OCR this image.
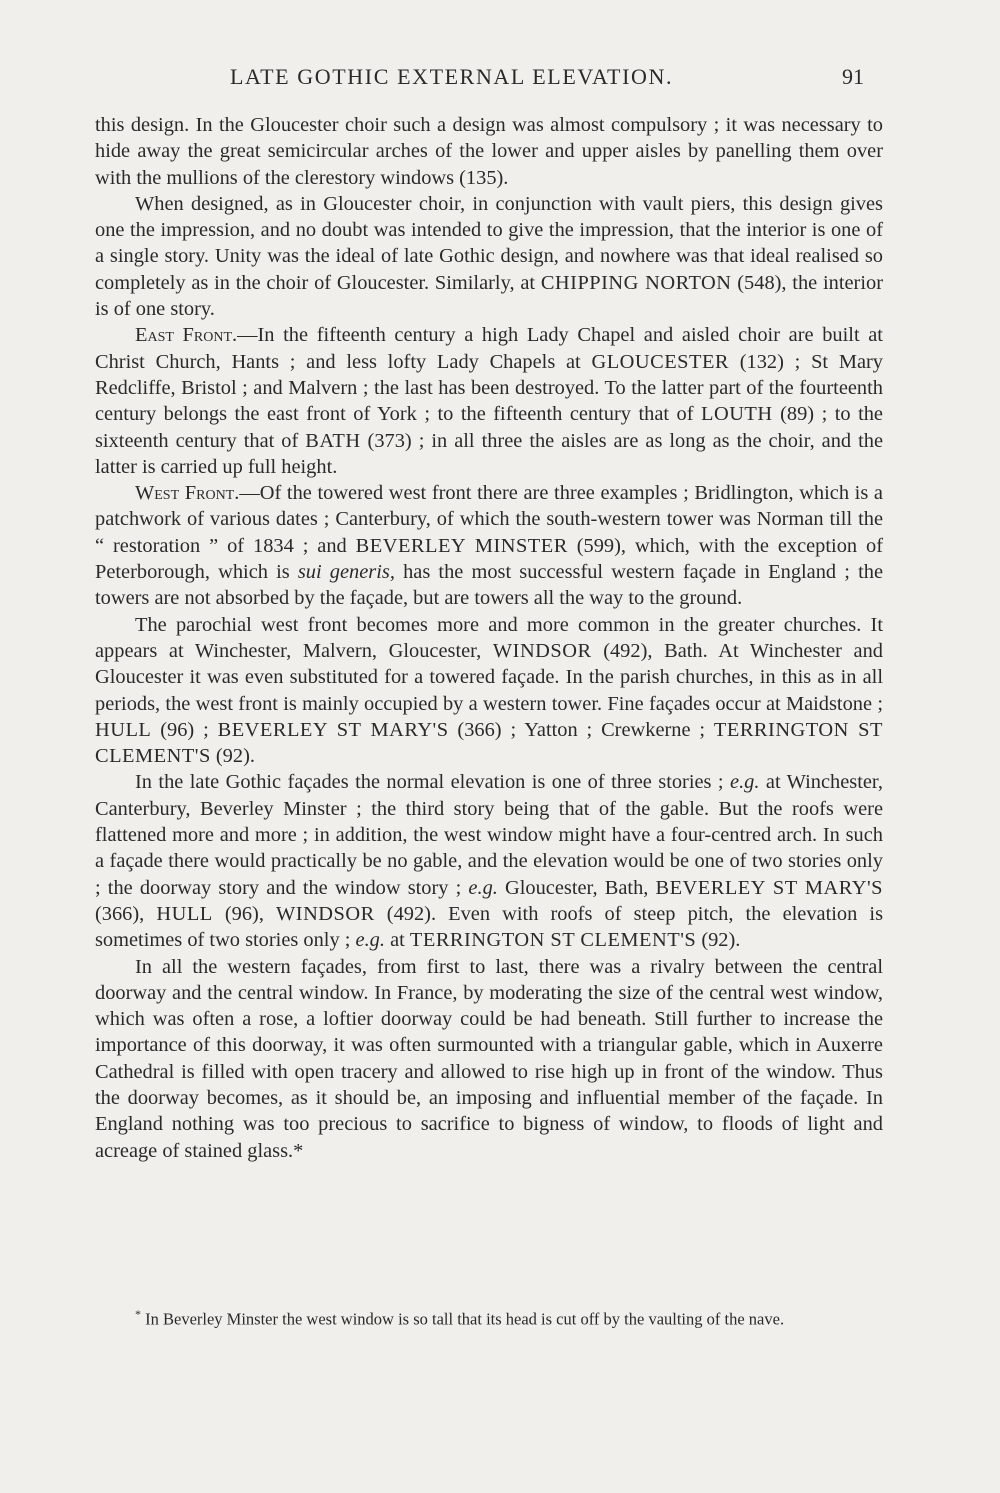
LATE GOTHIC EXTERNAL ELEVATION.	91

this design. In the Gloucester choir such a design was almost compulsory ; it was necessary to hide away the great semicircular arches of the lower and upper aisles by panelling them over with the mullions of the clerestory windows (135).

When designed, as in Gloucester choir, in conjunction with vault piers, this design gives one the impression, and no doubt was intended to give the impression, that the interior is one of a single story. Unity was the ideal of late Gothic design, and nowhere was that ideal realised so completely as in the choir of Gloucester. Similarly, at CHIPPING NORTON (548), the interior is of one story.

East Front.—In the fifteenth century a high Lady Chapel and aisled choir are built at Christ Church, Hants ; and less lofty Lady Chapels at GLOUCESTER (132) ; St Mary Redcliffe, Bristol ; and Malvern ; the last has been destroyed. To the latter part of the fourteenth century belongs the east front of York ; to the fifteenth century that of LOUTH (89) ; to the sixteenth century that of BATH (373) ; in all three the aisles are as long as the choir, and the latter is carried up full height.

West Front.—Of the towered west front there are three examples ; Bridlington, which is a patchwork of various dates ; Canterbury, of which the south-western tower was Norman till the “ restoration ” of 1834 ; and BEVERLEY MINSTER (599), which, with the exception of Peterborough, which is sui generis, has the most successful western façade in England ; the towers are not absorbed by the façade, but are towers all the way to the ground.

The parochial west front becomes more and more common in the greater churches. It appears at Winchester, Malvern, Gloucester, WINDSOR (492), Bath. At Winchester and Gloucester it was even substituted for a towered façade. In the parish churches, in this as in all periods, the west front is mainly occupied by a western tower. Fine façades occur at Maidstone ; HULL (96) ; BEVERLEY ST MARY'S (366) ; Yatton ; Crewkerne ; TERRINGTON ST CLEMENT'S (92).

In the late Gothic façades the normal elevation is one of three stories ; e.g. at Winchester, Canterbury, Beverley Minster ; the third story being that of the gable. But the roofs were flattened more and more ; in addition, the west window might have a four-centred arch. In such a façade there would practically be no gable, and the elevation would be one of two stories only ; the doorway story and the window story ; e.g. Gloucester, Bath, BEVERLEY ST MARY'S (366), HULL (96), WINDSOR (492). Even with roofs of steep pitch, the elevation is sometimes of two stories only ; e.g. at TERRINGTON ST CLEMENT'S (92).

In all the western façades, from first to last, there was a rivalry between the central doorway and the central window. In France, by moderating the size of the central west window, which was often a rose, a loftier doorway could be had beneath. Still further to increase the importance of this doorway, it was often surmounted with a triangular gable, which in Auxerre Cathedral is filled with open tracery and allowed to rise high up in front of the window. Thus the doorway becomes, as it should be, an imposing and influential member of the façade. In England nothing was too precious to sacrifice to bigness of window, to floods of light and acreage of stained glass.*

* In Beverley Minster the west window is so tall that its head is cut off by the vaulting of the nave.
